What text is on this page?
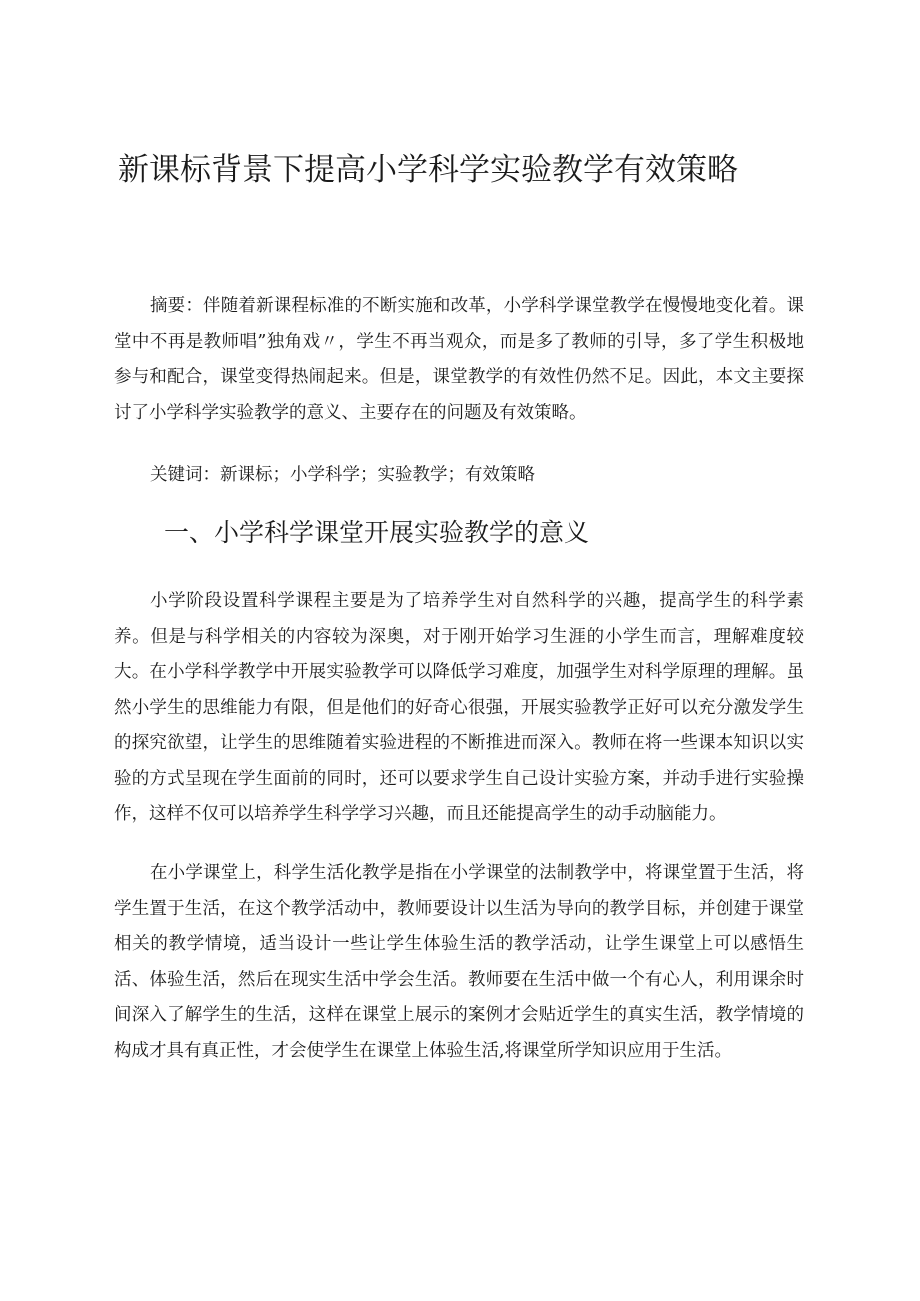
新课标背景下提高小学科学实验教学有效策略

摘要：伴随着新课程标准的不断实施和改革，小学科学课堂教学在慢慢地变化着。课堂中不再是教师唱”独角戏〃，学生不再当观众，而是多了教师的引导，多了学生积极地参与和配合，课堂变得热闹起来。但是，课堂教学的有效性仍然不足。因此，本文主要探讨了小学科学实验教学的意义、主要存在的问题及有效策略。

关键词：新课标；小学科学；实验教学；有效策略

一、小学科学课堂开展实验教学的意义

小学阶段设置科学课程主要是为了培养学生对自然科学的兴趣，提高学生的科学素养。但是与科学相关的内容较为深奥，对于刚开始学习生涯的小学生而言，理解难度较大。在小学科学教学中开展实验教学可以降低学习难度，加强学生对科学原理的理解。虽然小学生的思维能力有限，但是他们的好奇心很强，开展实验教学正好可以充分激发学生的探究欲望，让学生的思维随着实验进程的不断推进而深入。教师在将一些课本知识以实验的方式呈现在学生面前的同时，还可以要求学生自己设计实验方案，并动手进行实验操作，这样不仅可以培养学生科学学习兴趣，而且还能提高学生的动手动脑能力。

在小学课堂上，科学生活化教学是指在小学课堂的法制教学中，将课堂置于生活，将学生置于生活，在这个教学活动中，教师要设计以生活为导向的教学目标，并创建于课堂相关的教学情境，适当设计一些让学生体验生活的教学活动，让学生课堂上可以感悟生活、体验生活，然后在现实生活中学会生活。教师要在生活中做一个有心人，利用课余时间深入了解学生的生活，这样在课堂上展示的案例才会贴近学生的真实生活，教学情境的构成才具有真正性，才会使学生在课堂上体验生活,将课堂所学知识应用于生活。
